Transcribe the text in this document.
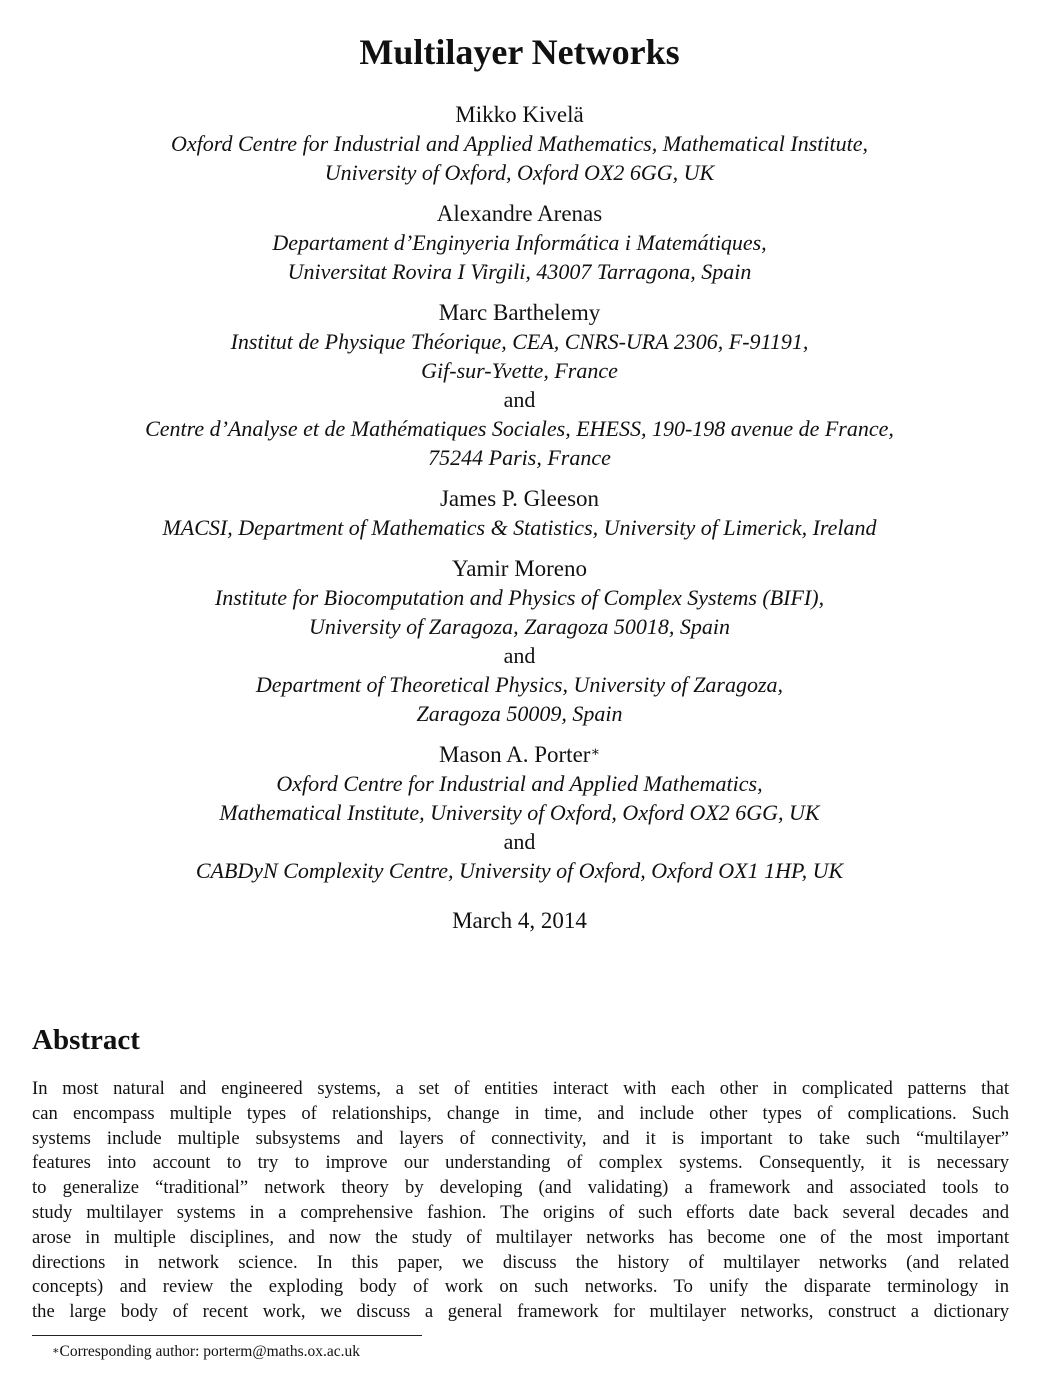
Multilayer Networks
Mikko Kivelä
Oxford Centre for Industrial and Applied Mathematics, Mathematical Institute,
University of Oxford, Oxford OX2 6GG, UK
Alexandre Arenas
Departament d’Enginyeria Informática i Matemátiques,
Universitat Rovira I Virgili, 43007 Tarragona, Spain
Marc Barthelemy
Institut de Physique Théorique, CEA, CNRS-URA 2306, F-91191,
Gif-sur-Yvette, France
and
Centre d’Analyse et de Mathématiques Sociales, EHESS, 190-198 avenue de France,
75244 Paris, France
James P. Gleeson
MACSI, Department of Mathematics & Statistics, University of Limerick, Ireland
Yamir Moreno
Institute for Biocomputation and Physics of Complex Systems (BIFI),
University of Zaragoza, Zaragoza 50018, Spain
and
Department of Theoretical Physics, University of Zaragoza,
Zaragoza 50009, Spain
Mason A. Porter∗
Oxford Centre for Industrial and Applied Mathematics,
Mathematical Institute, University of Oxford, Oxford OX2 6GG, UK
and
CABDyN Complexity Centre, University of Oxford, Oxford OX1 1HP, UK
March 4, 2014
Abstract
In most natural and engineered systems, a set of entities interact with each other in complicated patterns that
can encompass multiple types of relationships, change in time, and include other types of complications. Such
systems include multiple subsystems and layers of connectivity, and it is important to take such “multilayer”
features into account to try to improve our understanding of complex systems. Consequently, it is necessary
to generalize “traditional” network theory by developing (and validating) a framework and associated tools to
study multilayer systems in a comprehensive fashion. The origins of such efforts date back several decades and
arose in multiple disciplines, and now the study of multilayer networks has become one of the most important
directions in network science. In this paper, we discuss the history of multilayer networks (and related
concepts) and review the exploding body of work on such networks. To unify the disparate terminology in
the large body of recent work, we discuss a general framework for multilayer networks, construct a dictionary
∗Corresponding author: porterm@maths.ox.ac.uk
